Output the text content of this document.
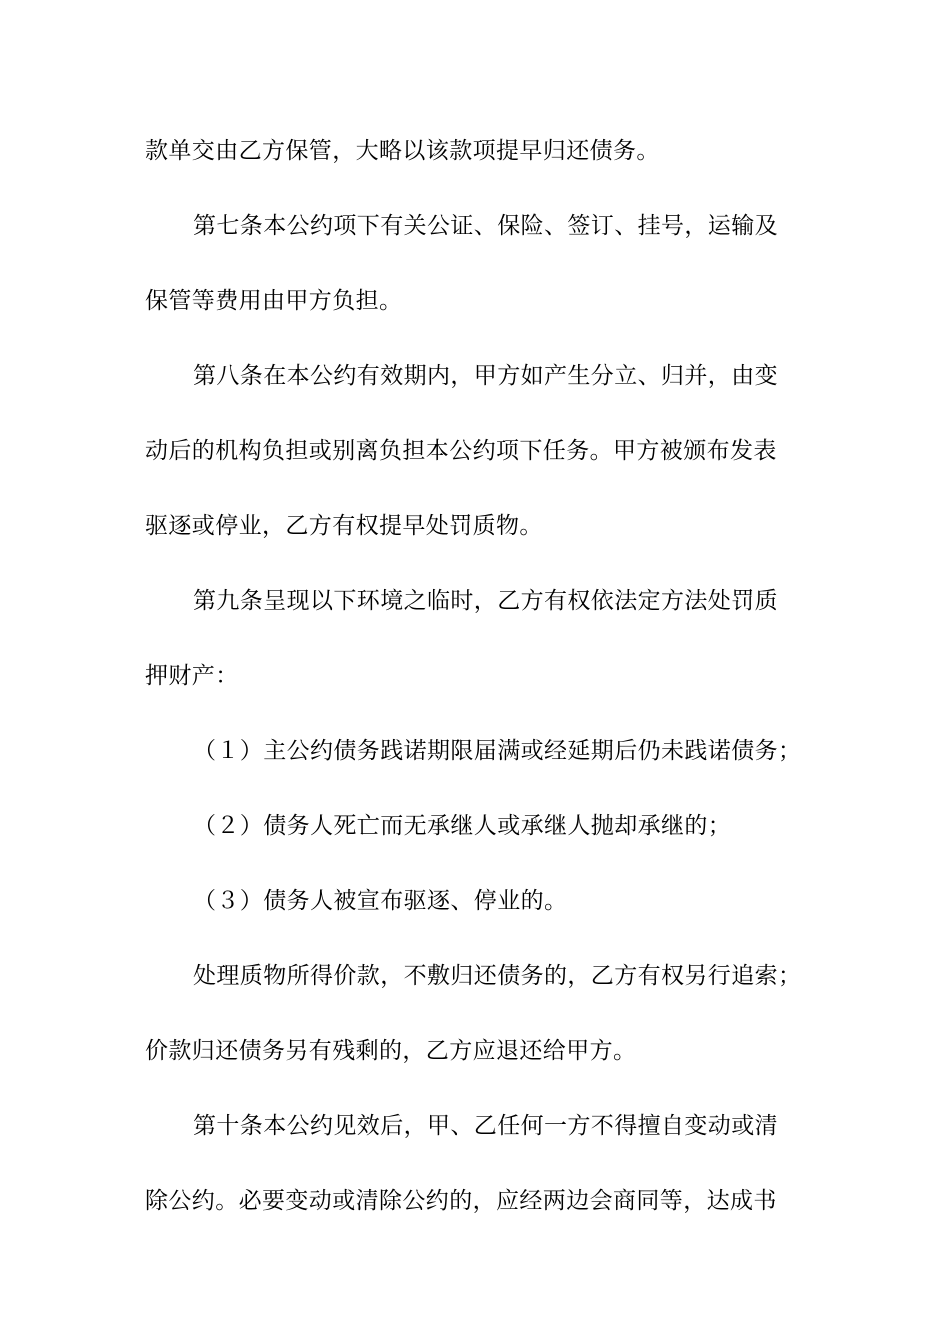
款单交由乙方保管，大略以该款项提早归还债务。
第七条本公约项下有关公证、保险、签订、挂号，运输及
保管等费用由甲方负担。
第八条在本公约有效期内，甲方如产生分立、归并，由变
动后的机构负担或别离负担本公约项下任务。甲方被颁布发表
驱逐或停业，乙方有权提早处罚质物。
第九条呈现以下环境之临时，乙方有权依法定方法处罚质
押财产：
（１）主公约债务践诺期限届满或经延期后仍未践诺债务；
（２）债务人死亡而无承继人或承继人抛却承继的；
（３）债务人被宣布驱逐、停业的。
处理质物所得价款，不敷归还债务的，乙方有权另行追索；
价款归还债务另有残剩的，乙方应退还给甲方。
第十条本公约见效后，甲、乙任何一方不得擅自变动或清
除公约。必要变动或清除公约的，应经两边会商同等，达成书
